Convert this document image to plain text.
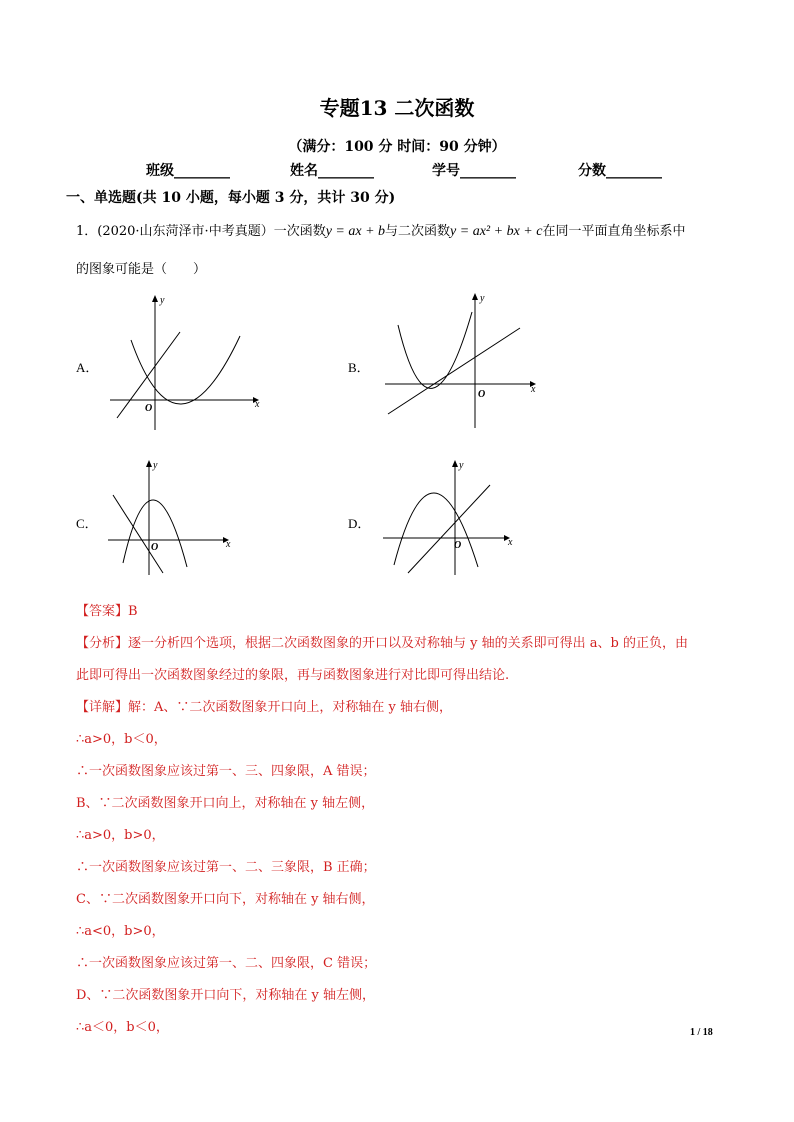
专题13 二次函数
（满分：100 分 时间：90 分钟）
班级________	姓名________	学号________	分数________
一、单选题(共 10 小题，每小题 3 分，共计 30 分)
1．(2020·山东菏泽市·中考真题）一次函数y = ax + b与二次函数y = ax² + bx + c在同一平面直角坐标系中
的图象可能是（　　）
A．
x
y
O
B．
x
y
O
C．
x
y
O
D．
x
y
O
【答案】B
【分析】逐一分析四个选项，根据二次函数图象的开口以及对称轴与 y 轴的关系即可得出 a、b 的正负，由
此即可得出一次函数图象经过的象限，再与函数图象进行对比即可得出结论.
【详解】解：A、∵二次函数图象开口向上，对称轴在 y 轴右侧，
∴a>0，b＜0，
∴一次函数图象应该过第一、三、四象限，A 错误；
B、∵二次函数图象开口向上，对称轴在 y 轴左侧，
∴a>0，b>0，
∴一次函数图象应该过第一、二、三象限，B 正确；
C、∵二次函数图象开口向下，对称轴在 y 轴右侧，
∴a<0，b>0，
∴一次函数图象应该过第一、二、四象限，C 错误；
D、∵二次函数图象开口向下，对称轴在 y 轴左侧，
∴a＜0，b＜0，	1 / 18
